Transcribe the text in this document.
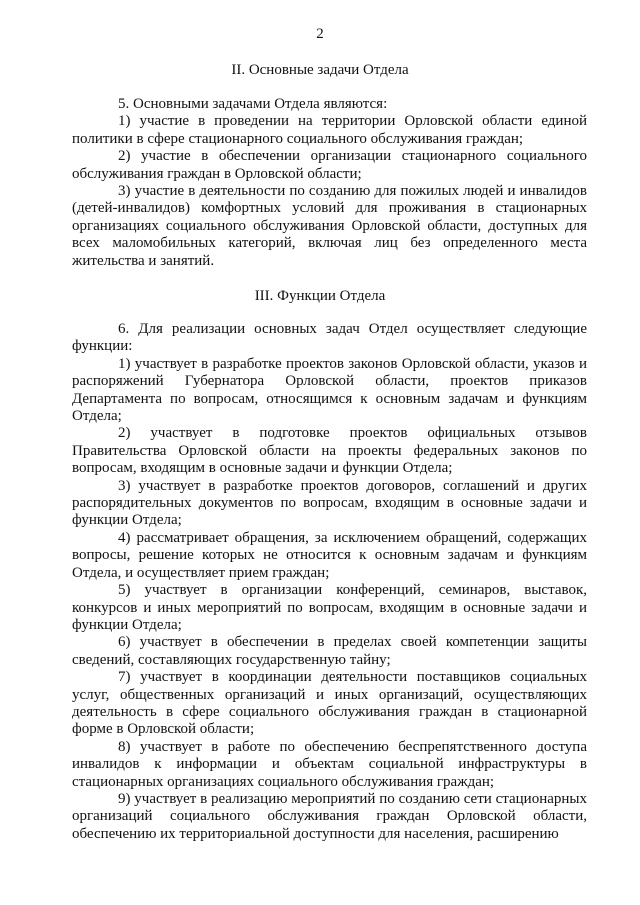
2
II. Основные задачи Отдела

5. Основными задачами Отдела являются:

1) участие в проведении на территории Орловской области единой политики в сфере стационарного социального обслуживания граждан;

2) участие в обеспечении организации стационарного социального обслуживания граждан в Орловской области;

3) участие в деятельности по созданию для пожилых людей и инвалидов (детей-инвалидов) комфортных условий для проживания в стационарных организациях социального обслуживания Орловской области, доступных для всех маломобильных категорий, включая лиц без определенного места жительства и занятий.

III. Функции Отдела

6. Для реализации основных задач Отдел осуществляет следующие функции:

1) участвует в разработке проектов законов Орловской области, указов и распоряжений Губернатора Орловской области, проектов приказов Департамента по вопросам, относящимся к основным задачам и функциям Отдела;

2) участвует в подготовке проектов официальных отзывов Правительства Орловской области на проекты федеральных законов по вопросам, входящим в основные задачи и функции Отдела;

3) участвует в разработке проектов договоров, соглашений и других распорядительных документов по вопросам, входящим в основные задачи и функции Отдела;

4) рассматривает обращения, за исключением обращений, содержащих вопросы, решение которых не относится к основным задачам и функциям Отдела, и осуществляет прием граждан;

5) участвует в организации конференций, семинаров, выставок, конкурсов и иных мероприятий по вопросам, входящим в основные задачи и функции Отдела;

6) участвует в обеспечении в пределах своей компетенции защиты сведений, составляющих государственную тайну;

7) участвует в координации деятельности поставщиков социальных услуг, общественных организаций и иных организаций, осуществляющих деятельность в сфере социального обслуживания граждан в стационарной форме в Орловской области;

8) участвует в работе по обеспечению беспрепятственного доступа инвалидов к информации и объектам социальной инфраструктуры в стационарных организациях социального обслуживания граждан;

9) участвует в реализацию мероприятий по созданию сети стационарных организаций социального обслуживания граждан Орловской области, обеспечению их территориальной доступности для населения, расширению
